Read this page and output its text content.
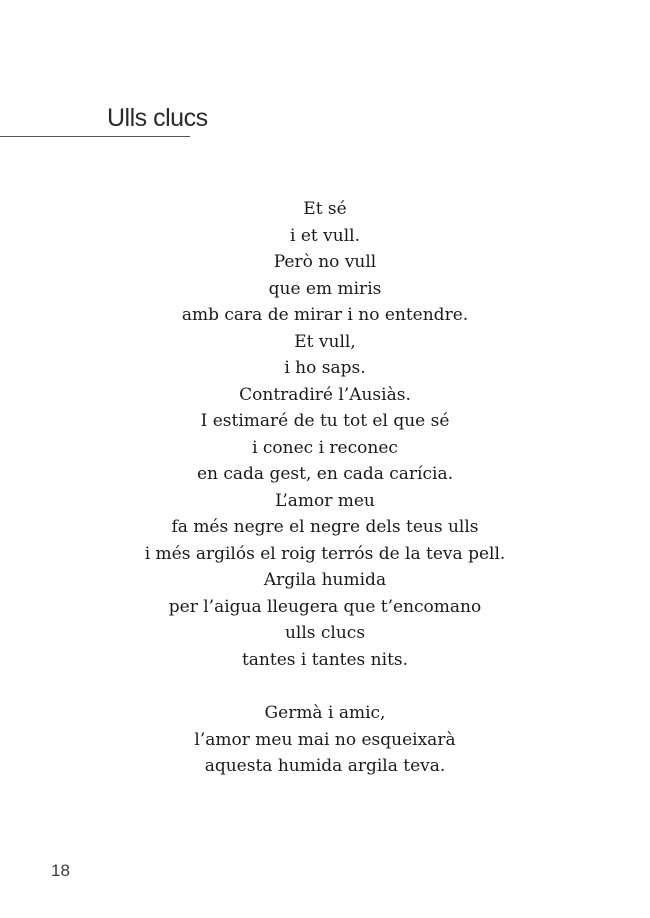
Ulls clucs
Et sé
i et vull.
Però no vull
que em miris
amb cara de mirar i no entendre.
Et vull,
i ho saps.
Contradiré l’Ausiàs.
I estimaré de tu tot el que sé
i conec i reconec
en cada gest, en cada carícia.
L’amor meu
fa més negre el negre dels teus ulls
i més argilós el roig terrós de la teva pell.
Argila humida
per l’aigua lleugera que t’encomano
ulls clucs
tantes i tantes nits.
Germà i amic,
l’amor meu mai no esqueixarà
aquesta humida argila teva.
18
